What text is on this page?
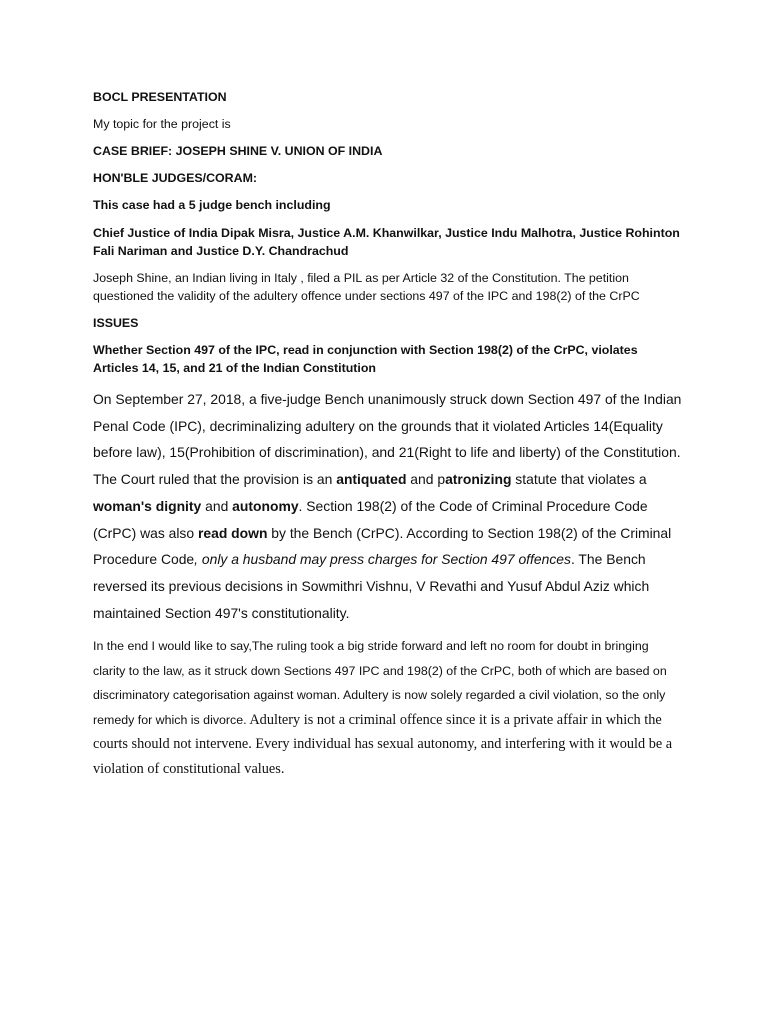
BOCL PRESENTATION

My topic for the project is

CASE BRIEF: JOSEPH SHINE V. UNION OF INDIA

HON'BLE JUDGES/CORAM:

This case had a 5 judge bench including

Chief Justice of India Dipak Misra, Justice A.M. Khanwilkar, Justice Indu Malhotra, Justice Rohinton Fali Nariman and Justice D.Y. Chandrachud

Joseph Shine, an Indian living in Italy , filed a PIL as per Article 32 of the Constitution. The petition questioned the validity of the adultery offence under sections 497 of the IPC and 198(2) of the CrPC

ISSUES

Whether Section 497 of the IPC, read in conjunction with Section 198(2) of the CrPC, violates Articles 14, 15, and 21 of the Indian Constitution

On September 27, 2018, a five-judge Bench unanimously struck down Section 497 of the Indian Penal Code (IPC), decriminalizing adultery on the grounds that it violated Articles 14(Equality before law), 15(Prohibition of discrimination), and 21(Right to life and liberty) of the Constitution. The Court ruled that the provision is an antiquated and patronizing statute that violates a woman's dignity and autonomy. Section 198(2) of the Code of Criminal Procedure Code (CrPC) was also read down by the Bench (CrPC). According to Section 198(2) of the Criminal Procedure Code, only a husband may press charges for Section 497 offences. The Bench reversed its previous decisions in Sowmithri Vishnu, V Revathi and Yusuf Abdul Aziz which maintained Section 497's constitutionality.

In the end I would like to say,The ruling took a big stride forward and left no room for doubt in bringing clarity to the law, as it struck down Sections 497 IPC and 198(2) of the CrPC, both of which are based on discriminatory categorisation against woman. Adultery is now solely regarded a civil violation, so the only remedy for which is divorce. Adultery is not a criminal offence since it is a private affair in which the courts should not intervene. Every individual has sexual autonomy, and interfering with it would be a violation of constitutional values.
